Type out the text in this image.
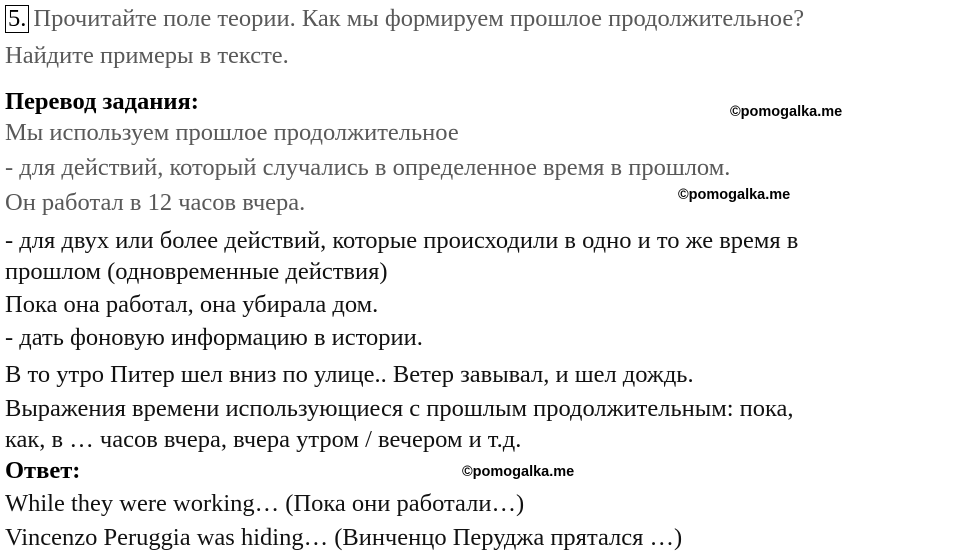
5. Прочитайте поле теории. Как мы формируем прошлое продолжительное?
Найдите примеры в тексте.
Перевод задания:
Мы используем прошлое продолжительное
- для действий, который случались в определенное время в прошлом.
Он работал в 12 часов вчера.
- для двух или более действий, которые происходили в одно и то же время в
прошлом (одновременные действия)
Пока она работал, она убирала дом.
- дать фоновую информацию в истории.
В то утро Питер шел вниз по улице.. Ветер завывал, и шел дождь.
Выражения времени использующиеся с прошлым продолжительным: пока,
как, в … часов вчера, вчера утром / вечером и т.д.
Ответ:
While they were working… (Пока они работали…)
Vincenzo Peruggia was hiding… (Винченцо Перуджа прятался …)
©pomogalka.me
©pomogalka.me
©pomogalka.me
